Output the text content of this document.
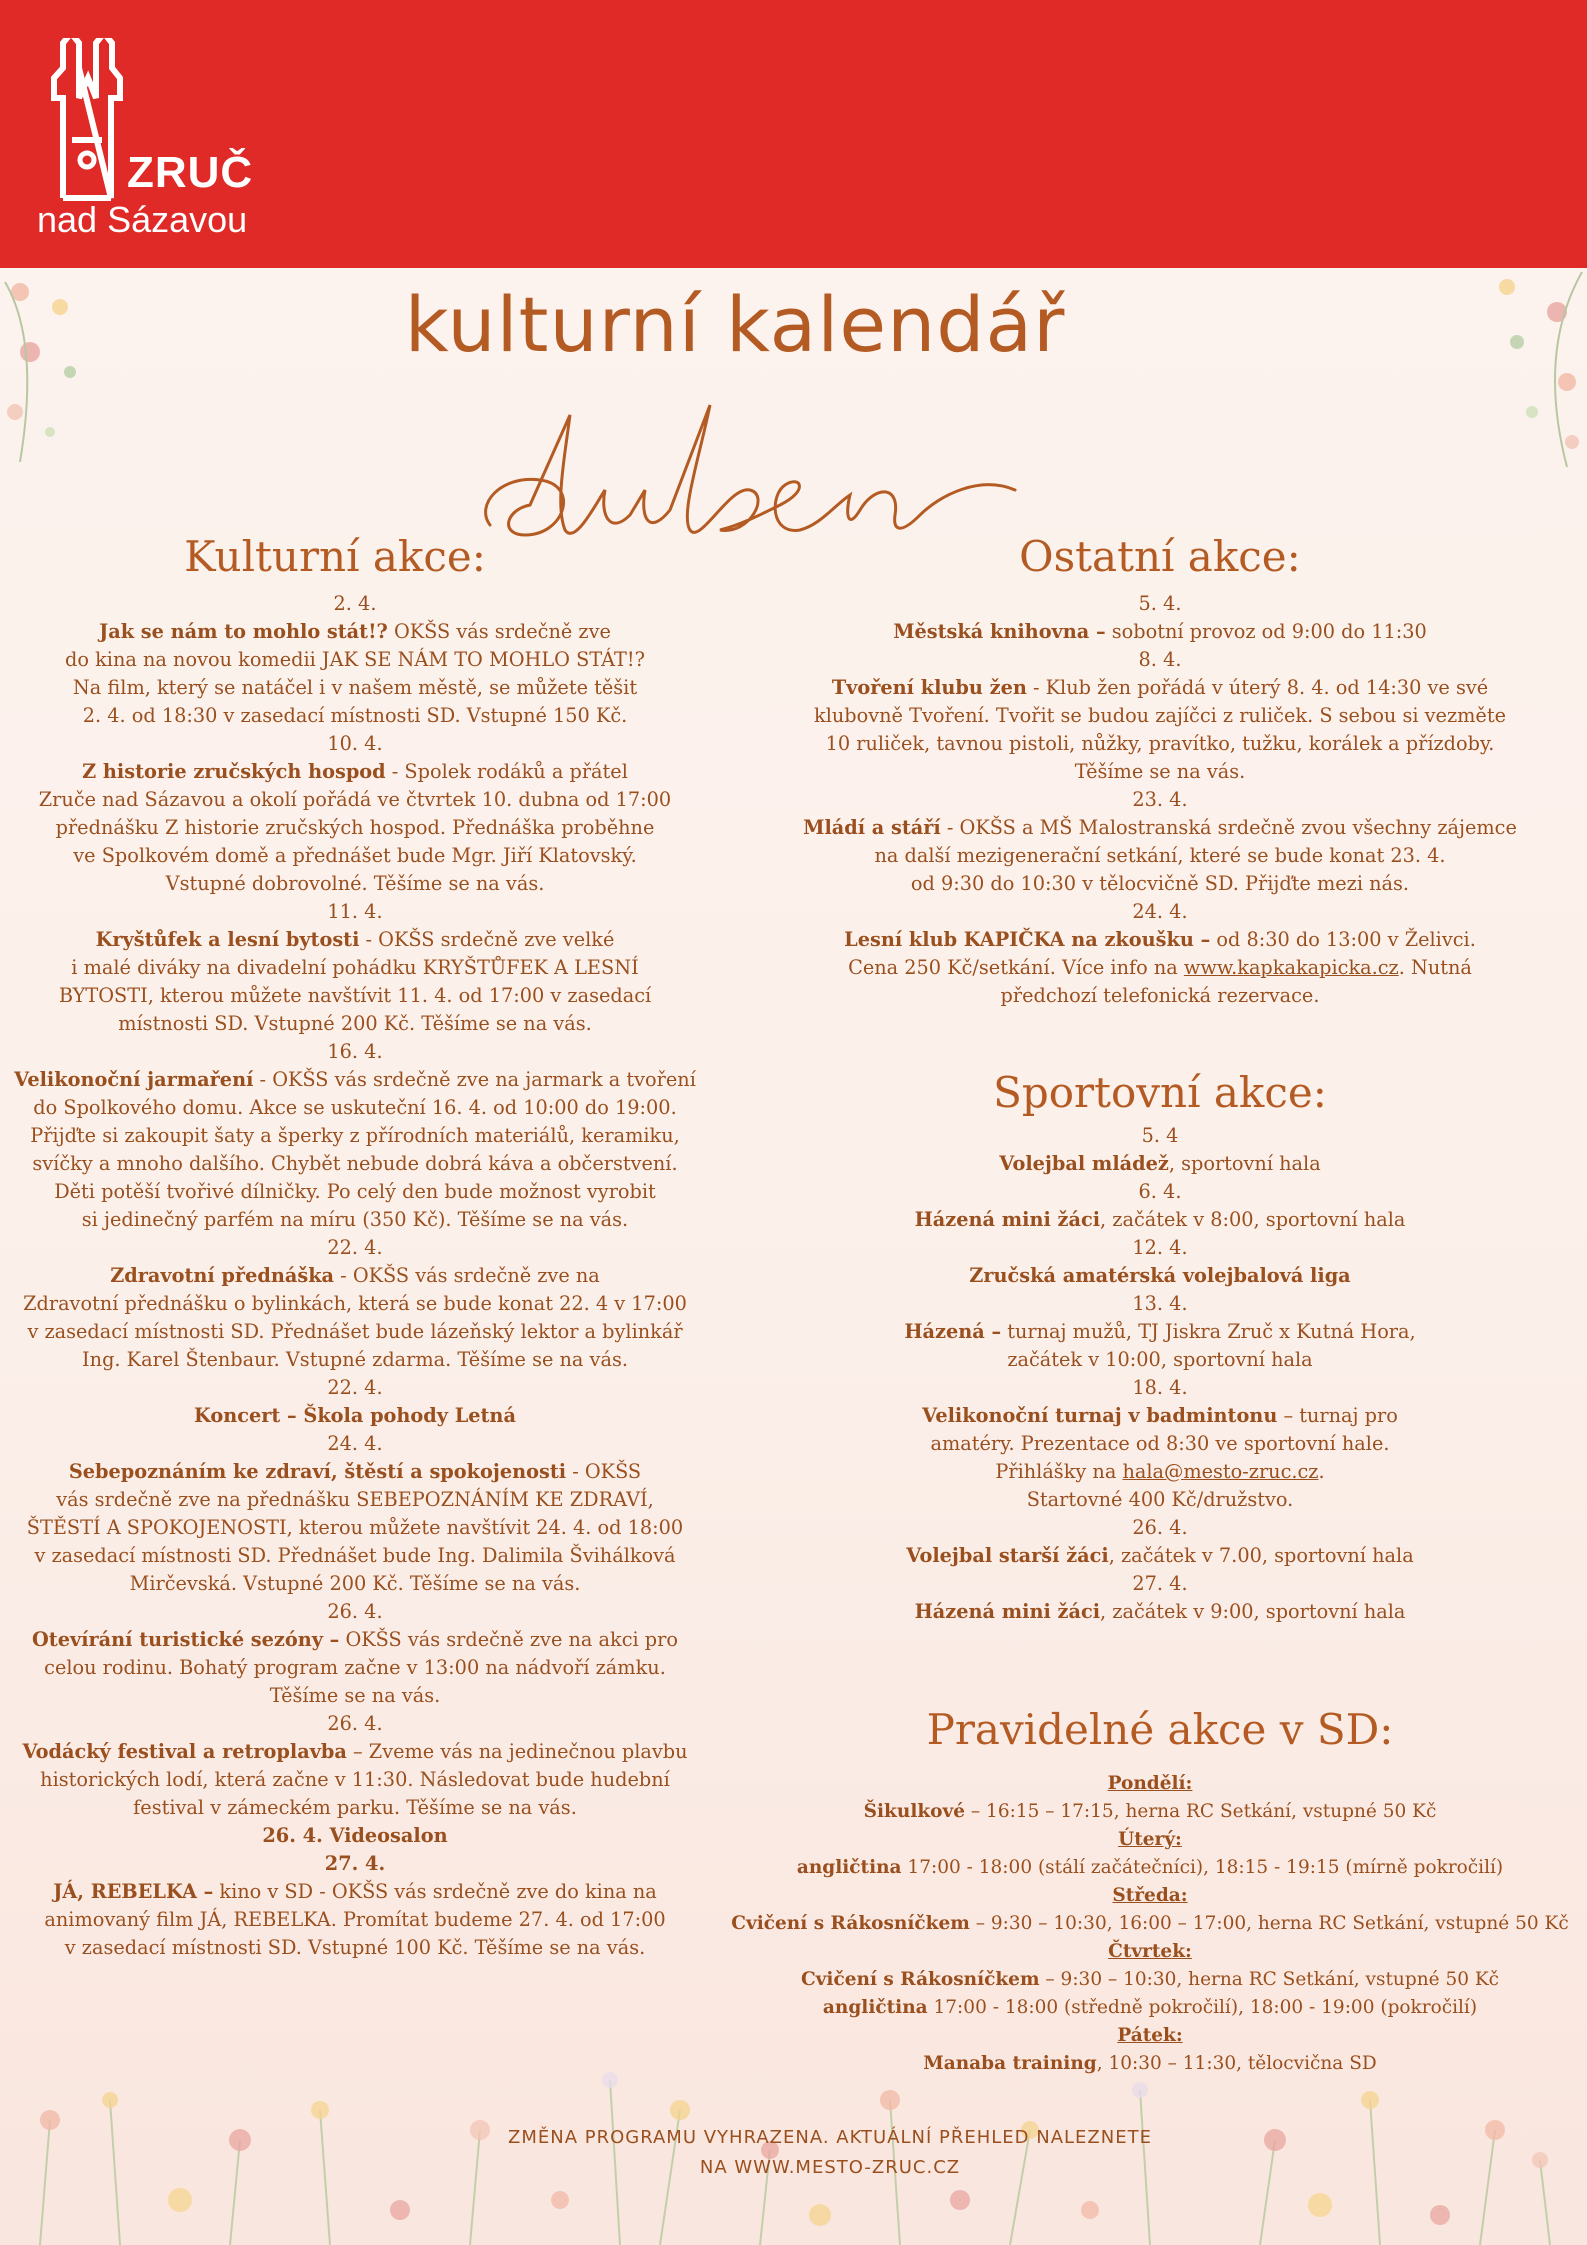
ZRUČ
nad Sázavou
kulturní kalendář
Kulturní akce:

2. 4.

Jak se nám to mohlo stát!? OKŠS vás srdečně zve

do kina na novou komedii JAK SE NÁM TO MOHLO STÁT!?

Na film, který se natáčel i v našem městě, se můžete těšit

2. 4. od 18:30 v zasedací místnosti SD. Vstupné 150 Kč.

10. 4.

Z historie zručských hospod - Spolek rodáků a přátel

Zruče nad Sázavou a okolí pořádá ve čtvrtek 10. dubna od 17:00

přednášku Z historie zručských hospod. Přednáška proběhne

ve Spolkovém domě a přednášet bude Mgr. Jiří Klatovský.

Vstupné dobrovolné. Těšíme se na vás.

11. 4.

Kryštůfek a lesní bytosti - OKŠS srdečně zve velké

i malé diváky na divadelní pohádku KRYŠTŮFEK A LESNÍ

BYTOSTI, kterou můžete navštívit 11. 4. od 17:00 v zasedací

místnosti SD. Vstupné 200 Kč. Těšíme se na vás.

16. 4.

Velikonoční jarmaření - OKŠS vás srdečně zve na jarmark a tvoření

do Spolkového domu. Akce se uskuteční 16. 4. od 10:00 do 19:00.

Přijďte si zakoupit šaty a šperky z přírodních materiálů, keramiku,

svíčky a mnoho dalšího. Chybět nebude dobrá káva a občerstvení.

Děti potěší tvořivé dílničky. Po celý den bude možnost vyrobit

si jedinečný parfém na míru (350 Kč). Těšíme se na vás.

22. 4.

Zdravotní přednáška - OKŠS vás srdečně zve na

Zdravotní přednášku o bylinkách, která se bude konat 22. 4 v 17:00

v zasedací místnosti SD. Přednášet bude lázeňský lektor a bylinkář

Ing. Karel Štenbaur. Vstupné zdarma. Těšíme se na vás.

22. 4.

Koncert – Škola pohody Letná

24. 4.

Sebepoznáním ke zdraví, štěstí a spokojenosti - OKŠS

vás srdečně zve na přednášku SEBEPOZNÁNÍM KE ZDRAVÍ,

ŠTĚSTÍ A SPOKOJENOSTI, kterou můžete navštívit 24. 4. od 18:00

v zasedací místnosti SD. Přednášet bude Ing. Dalimila Švihálková

Mirčevská. Vstupné 200 Kč. Těšíme se na vás.

26. 4.

Otevírání turistické sezóny – OKŠS vás srdečně zve na akci pro

celou rodinu. Bohatý program začne v 13:00 na nádvoří zámku.

Těšíme se na vás.

26. 4.

Vodácký festival a retroplavba – Zveme vás na jedinečnou plavbu

historických lodí, která začne v 11:30. Následovat bude hudební

festival v zámeckém parku. Těšíme se na vás.

26. 4. Videosalon

27. 4.

JÁ, REBELKA – kino v SD - OKŠS vás srdečně zve do kina na

animovaný film JÁ, REBELKA. Promítat budeme 27. 4. od 17:00

v zasedací místnosti SD. Vstupné 100 Kč. Těšíme se na vás.

Ostatní akce:

5. 4.

Městská knihovna – sobotní provoz od 9:00 do 11:30

8. 4.

Tvoření klubu žen - Klub žen pořádá v úterý 8. 4. od 14:30 ve své

klubovně Tvoření. Tvořit se budou zajíčci z ruliček. S sebou si vezměte

10 ruliček, tavnou pistoli, nůžky, pravítko, tužku, korálek a přízdoby.

Těšíme se na vás.

23. 4.

Mládí a stáří - OKŠS a MŠ Malostranská srdečně zvou všechny zájemce

na další mezigenerační setkání, které se bude konat 23. 4.

od 9:30 do 10:30 v tělocvičně SD. Přijďte mezi nás.

24. 4.

Lesní klub KAPIČKA na zkoušku – od 8:30 do 13:00 v Želivci.

Cena 250 Kč/setkání. Více info na www.kapkakapicka.cz. Nutná

předchozí telefonická rezervace.

Sportovní akce:

5. 4

Volejbal mládež, sportovní hala

6. 4.

Házená mini žáci, začátek v 8:00, sportovní hala

12. 4.

Zručská amatérská volejbalová liga

13. 4.

Házená – turnaj mužů, TJ Jiskra Zruč x Kutná Hora,

začátek v 10:00, sportovní hala

18. 4.

Velikonoční turnaj v badmintonu – turnaj pro

amatéry. Prezentace od 8:30 ve sportovní hale.

Přihlášky na hala@mesto-zruc.cz.

Startovné 400 Kč/družstvo.

26. 4.

Volejbal starší žáci, začátek v 7.00, sportovní hala

27. 4.

Házená mini žáci, začátek v 9:00, sportovní hala

Pravidelné akce v SD:

Pondělí:

Šikulkové – 16:15 – 17:15, herna RC Setkání, vstupné 50 Kč

Úterý:

angličtina 17:00 - 18:00 (stálí začátečníci), 18:15 - 19:15 (mírně pokročilí)

Středa:

Cvičení s Rákosníčkem – 9:30 – 10:30, 16:00 – 17:00, herna RC Setkání, vstupné 50 Kč

Čtvrtek:

Cvičení s Rákosníčkem – 9:30 – 10:30, herna RC Setkání, vstupné 50 Kč

angličtina 17:00 - 18:00 (středně pokročilí), 18:00 - 19:00 (pokročilí)

Pátek:

Manaba training, 10:30 – 11:30, tělocvična SD

ZMĚNA PROGRAMU VYHRAZENA. AKTUÁLNÍ PŘEHLED NALEZNETE
NA WWW.MESTO-ZRUC.CZ
